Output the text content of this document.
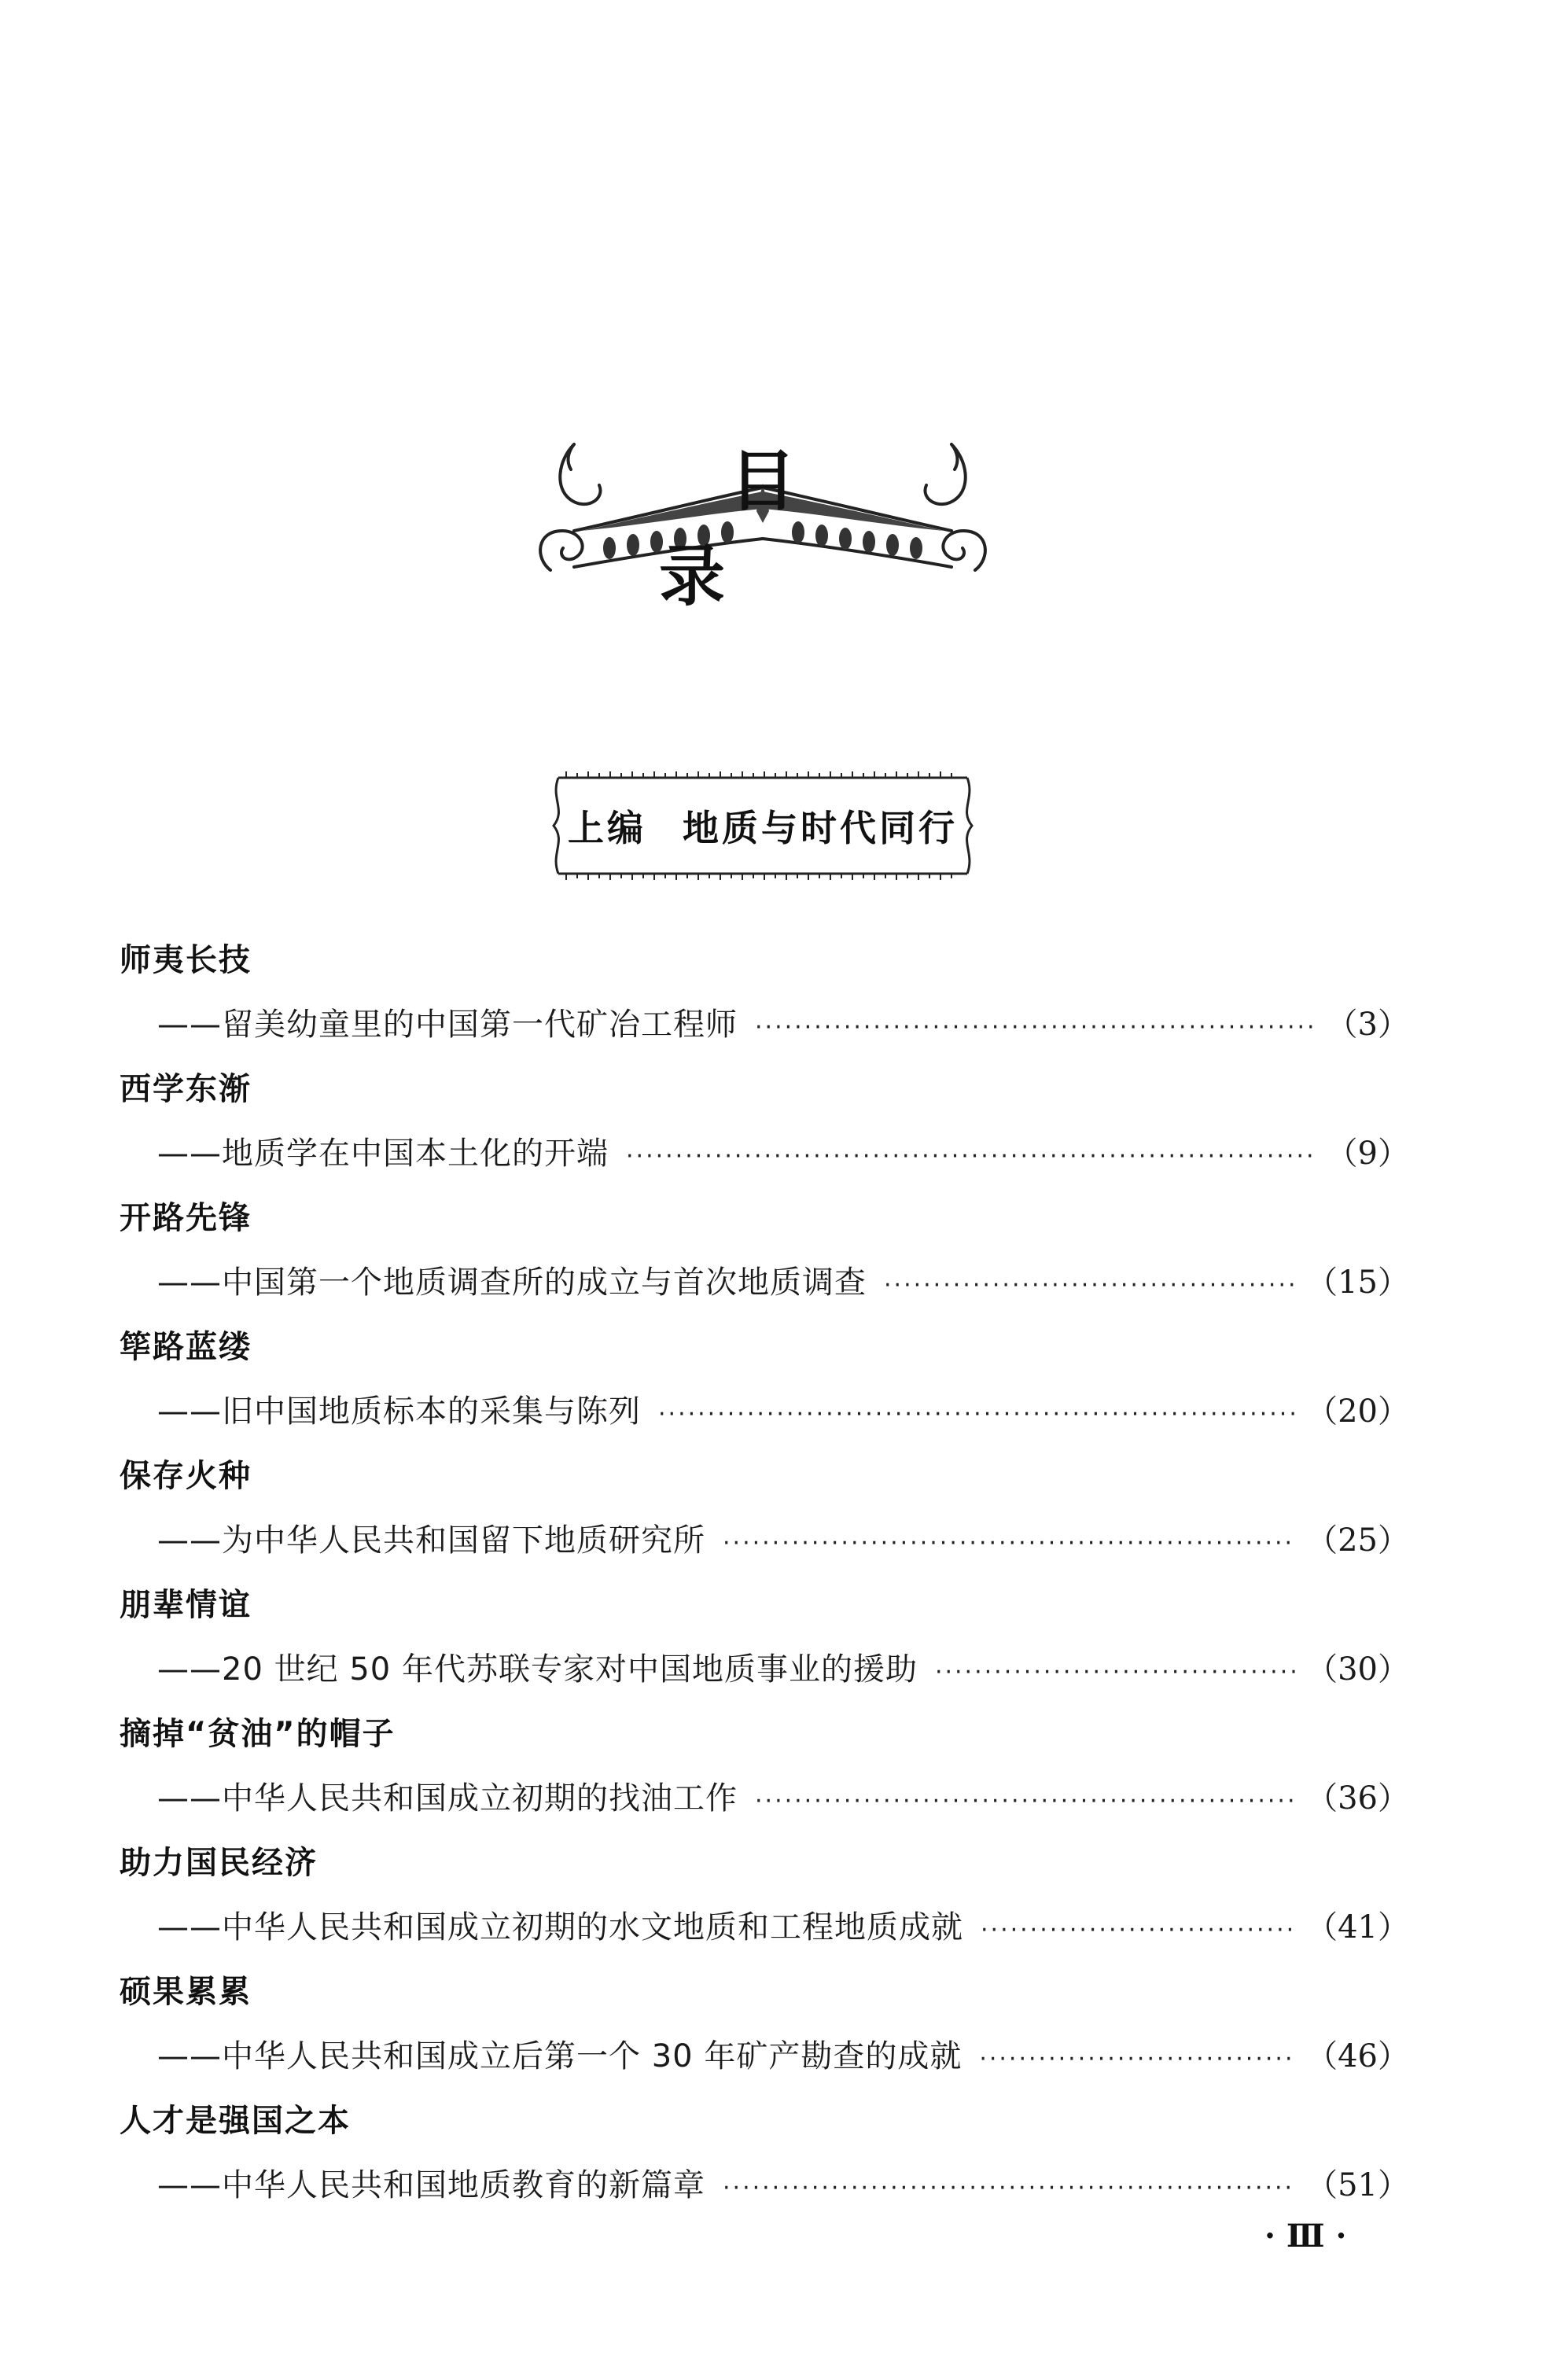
目　录
上编 地质与时代同行
师夷长技
——留美幼童里的中国第一代矿冶工程师 ·····	（3）
西学东渐
——地质学在中国本土化的开端 ·····	（9）
开路先锋
——中国第一个地质调查所的成立与首次地质调查 ·····	（15）
筚路蓝缕
——旧中国地质标本的采集与陈列 ·····	（20）
保存火种
——为中华人民共和国留下地质研究所 ·····	（25）
朋辈情谊
——20 世纪 50 年代苏联专家对中国地质事业的援助 ·····	（30）
摘掉“贫油”的帽子
——中华人民共和国成立初期的找油工作 ·····	（36）
助力国民经济
——中华人民共和国成立初期的水文地质和工程地质成就 ·····	（41）
硕果累累
——中华人民共和国成立后第一个 30 年矿产勘查的成就 ·····	（46）
人才是强国之本
——中华人民共和国地质教育的新篇章 ·····	（51）
· Ⅲ ·
